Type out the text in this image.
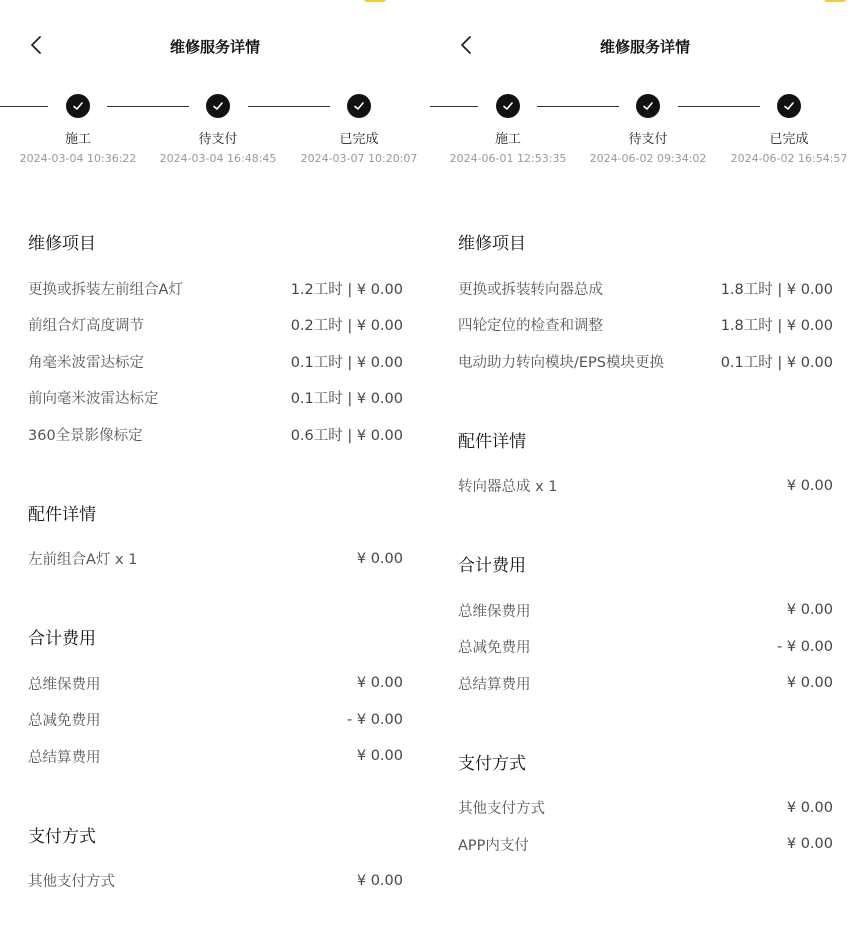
维修服务详情
施工
2024-03-04 10:36:22
待支付
2024-03-04 16:48:45
已完成
2024-03-07 10:20:07
维修项目
更换或拆装左前组合A灯	1.2工时 | ¥ 0.00
前组合灯高度调节	0.2工时 | ¥ 0.00
角毫米波雷达标定	0.1工时 | ¥ 0.00
前向毫米波雷达标定	0.1工时 | ¥ 0.00
360全景影像标定	0.6工时 | ¥ 0.00
配件详情
左前组合A灯 x 1	¥ 0.00
合计费用
总维保费用	¥ 0.00
总减免费用	- ¥ 0.00
总结算费用	¥ 0.00
支付方式
其他支付方式	¥ 0.00
维修服务详情
施工
2024-06-01 12:53:35
待支付
2024-06-02 09:34:02
已完成
2024-06-02 16:54:57
维修项目
更换或拆装转向器总成	1.8工时 | ¥ 0.00
四轮定位的检查和调整	1.8工时 | ¥ 0.00
电动助力转向模块/EPS模块更换	0.1工时 | ¥ 0.00
配件详情
转向器总成 x 1	¥ 0.00
合计费用
总维保费用	¥ 0.00
总减免费用	- ¥ 0.00
总结算费用	¥ 0.00
支付方式
其他支付方式	¥ 0.00
APP内支付	¥ 0.00
